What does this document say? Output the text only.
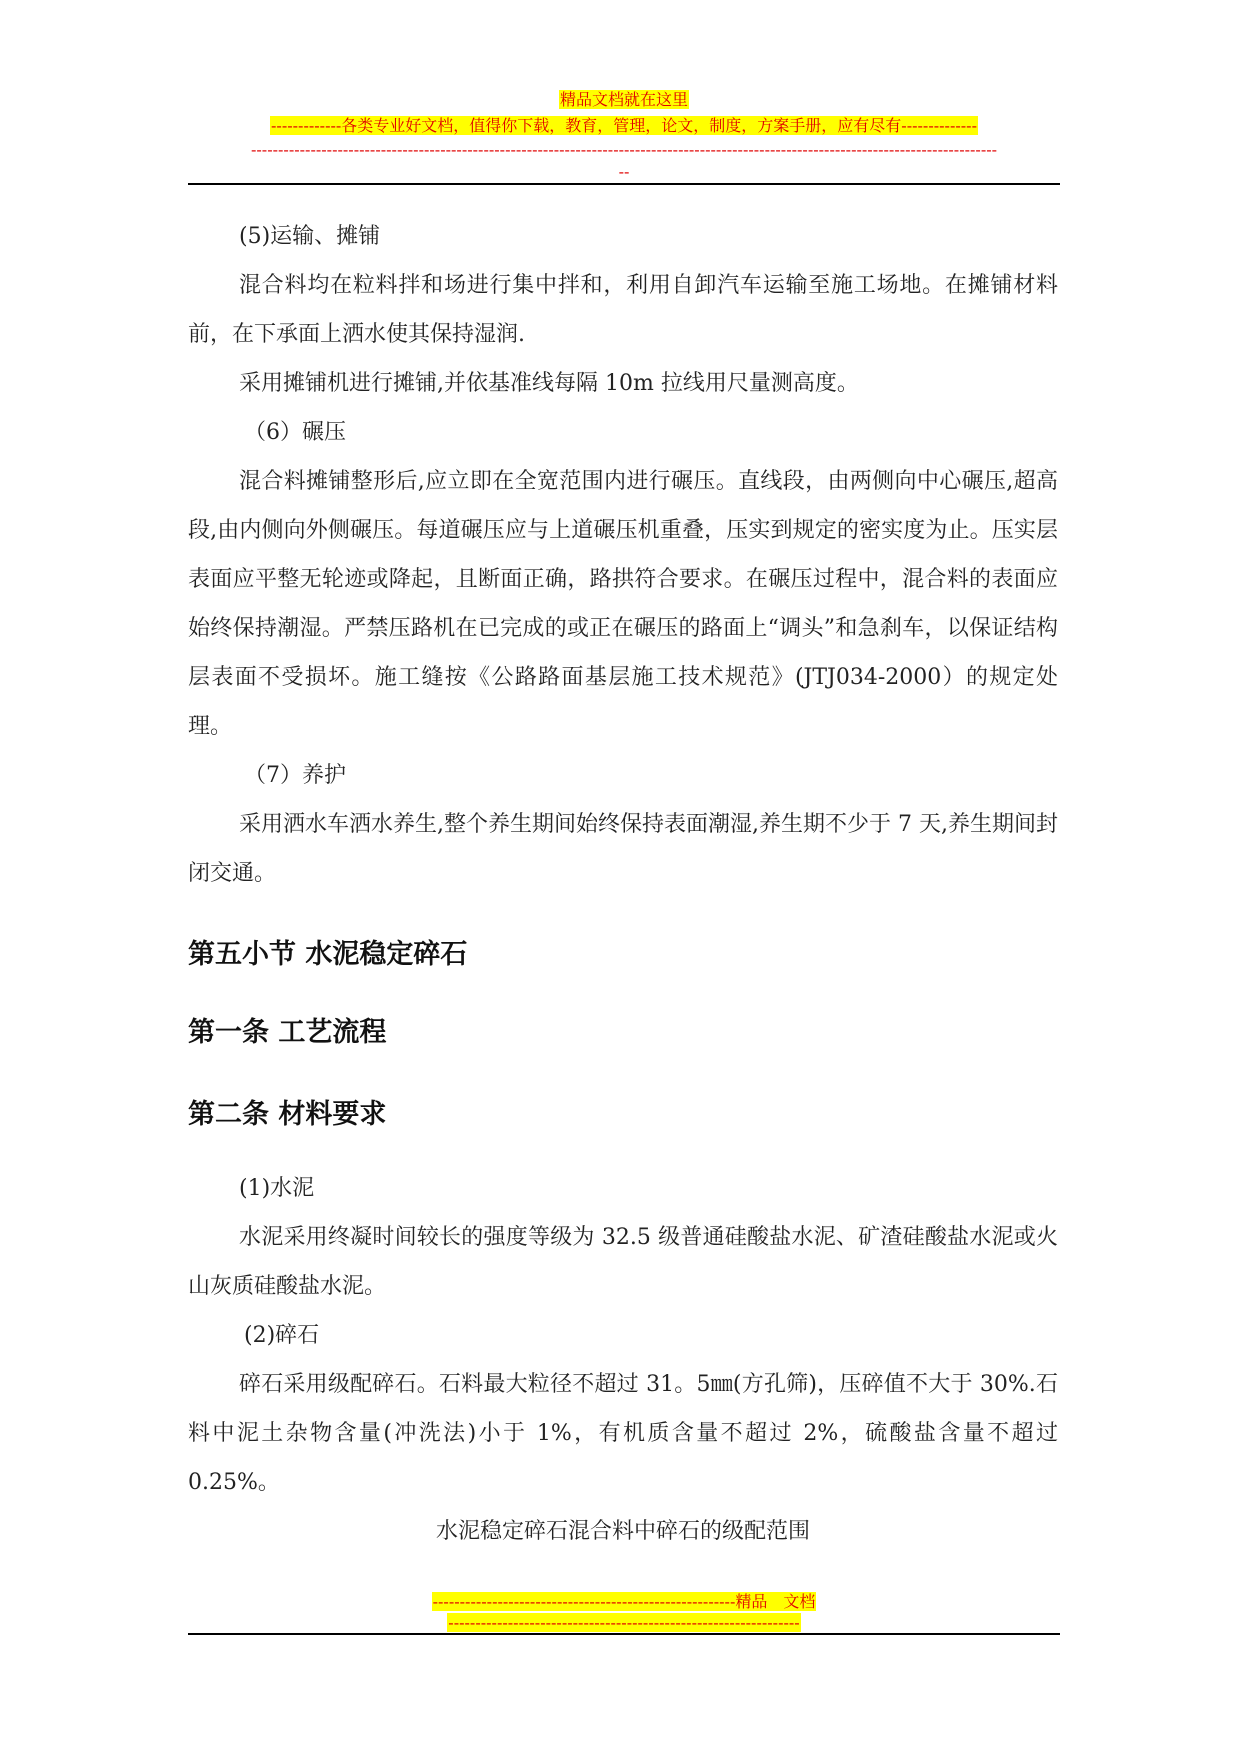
精品文档就在这里
-------------各类专业好文档，值得你下载，教育，管理，论文，制度，方案手册，应有尽有--------------
------------------------------------------------------------------------------------------------------------------------------------------
--

(5)运输、摊铺

混合料均在粒料拌和场进行集中拌和，利用自卸汽车运输至施工场地。在摊铺材料前，在下承面上洒水使其保持湿润.

采用摊铺机进行摊铺,并依基准线每隔 10m 拉线用尺量测高度。

（6）碾压

混合料摊铺整形后,应立即在全宽范围内进行碾压。直线段，由两侧向中心碾压,超高段,由内侧向外侧碾压。每道碾压应与上道碾压机重叠，压实到规定的密实度为止。压实层表面应平整无轮迹或降起，且断面正确，路拱符合要求。在碾压过程中，混合料的表面应始终保持潮湿。严禁压路机在已完成的或正在碾压的路面上“调头”和急刹车，以保证结构层表面不受损坏。施工缝按《公路路面基层施工技术规范》(JTJ034-2000）的规定处理。

（7）养护

采用洒水车洒水养生,整个养生期间始终保持表面潮湿,养生期不少于 7 天,养生期间封闭交通。

第五小节 水泥稳定碎石
第一条 工艺流程
第二条 材料要求

(1)水泥

水泥采用终凝时间较长的强度等级为 32.5 级普通硅酸盐水泥、矿渣硅酸盐水泥或火山灰质硅酸盐水泥。

(2)碎石

碎石采用级配碎石。石料最大粒径不超过 31。5㎜(方孔筛)，压碎值不大于 30%.石料中泥土杂物含量(冲洗法)小于 1%，有机质含量不超过 2%，硫酸盐含量不超过 0.25%。

水泥稳定碎石混合料中碎石的级配范围

--------------------------------------------------------精品　文档
-----------------------------------------------------------------
